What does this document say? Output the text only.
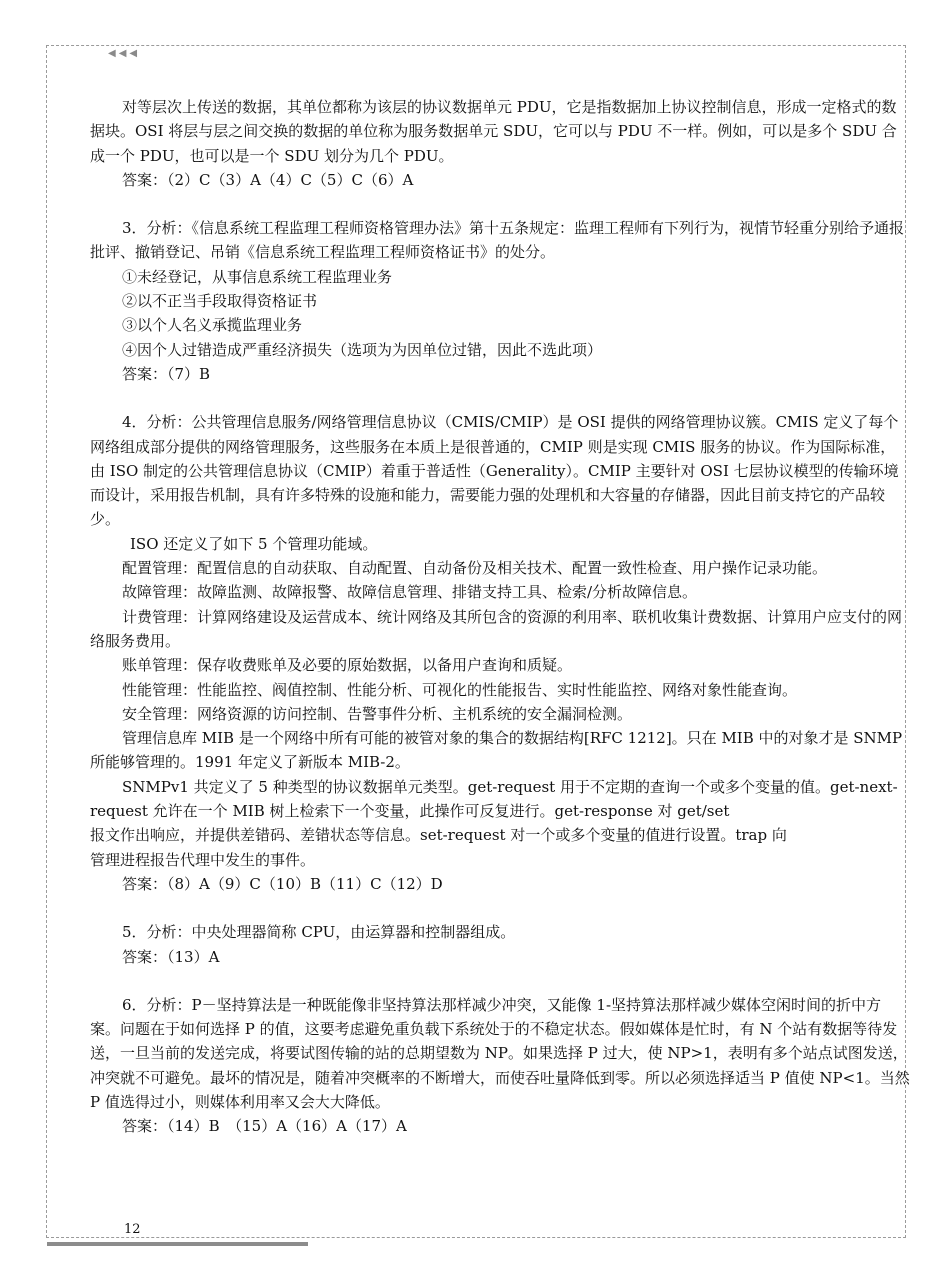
◀◀◀

对等层次上传送的数据，其单位都称为该层的协议数据单元 PDU，它是指数据加上协议控制信息，形成一定格式的数据块。OSI 将层与层之间交换的数据的单位称为服务数据单元 SDU，它可以与 PDU 不一样。例如，可以是多个 SDU 合成一个 PDU，也可以是一个 SDU 划分为几个 PDU。

答案：（2）C（3）A（4）C（5）C（6）A

3．分析：《信息系统工程监理工程师资格管理办法》第十五条规定：监理工程师有下列行为，视情节轻重分别给予通报批评、撤销登记、吊销《信息系统工程监理工程师资格证书》的处分。

①未经登记，从事信息系统工程监理业务

②以不正当手段取得资格证书

③以个人名义承揽监理业务

④因个人过错造成严重经济损失（选项为为因单位过错，因此不选此项）

答案：（7）B

4．分析：公共管理信息服务/网络管理信息协议（CMIS/CMIP）是 OSI 提供的网络管理协议簇。CMIS 定义了每个网络组成部分提供的网络管理服务，这些服务在本质上是很普通的，CMIP 则是实现 CMIS 服务的协议。作为国际标准，由 ISO 制定的公共管理信息协议（CMIP）着重于普适性（Generality）。CMIP 主要针对 OSI 七层协议模型的传输环境而设计，采用报告机制，具有许多特殊的设施和能力，需要能力强的处理机和大容量的存储器，因此目前支持它的产品较少。

ISO 还定义了如下 5 个管理功能域。

配置管理：配置信息的自动获取、自动配置、自动备份及相关技术、配置一致性检查、用户操作记录功能。

故障管理：故障监测、故障报警、故障信息管理、排错支持工具、检索/分析故障信息。

计费管理：计算网络建设及运营成本、统计网络及其所包含的资源的利用率、联机收集计费数据、计算用户应支付的网络服务费用。

账单管理：保存收费账单及必要的原始数据，以备用户查询和质疑。

性能管理：性能监控、阀值控制、性能分析、可视化的性能报告、实时性能监控、网络对象性能查询。

安全管理：网络资源的访问控制、告警事件分析、主机系统的安全漏洞检测。

管理信息库 MIB 是一个网络中所有可能的被管对象的集合的数据结构[RFC 1212]。只在 MIB 中的对象才是 SNMP 所能够管理的。1991 年定义了新版本 MIB-2。

SNMPv1 共定义了 5 种类型的协议数据单元类型。get-request 用于不定期的查询一个或多个变量的值。get-next-request 允许在一个 MIB 树上检索下一个变量，此操作可反复进行。get-response 对 get/set

报文作出响应，并提供差错码、差错状态等信息。set-request 对一个或多个变量的值进行设置。trap 向

管理进程报告代理中发生的事件。

答案：（8）A（9）C（10）B（11）C（12）D

5．分析：中央处理器简称 CPU，由运算器和控制器组成。

答案：（13）A

6．分析：P－坚持算法是一种既能像非坚持算法那样减少冲突，又能像 1-坚持算法那样减少媒体空闲时间的折中方案。问题在于如何选择 P 的值，这要考虑避免重负载下系统处于的不稳定状态。假如媒体是忙时，有 N 个站有数据等待发送，一旦当前的发送完成，将要试图传输的站的总期望数为 NP。如果选择 P 过大，使 NP>1，表明有多个站点试图发送，冲突就不可避免。最坏的情况是，随着冲突概率的不断增大，而使吞吐量降低到零。所以必须选择适当 P 值使 NP<1。当然 P 值选得过小，则媒体利用率又会大大降低。

答案：（14）B　（15）A（16）A（17）A

12
